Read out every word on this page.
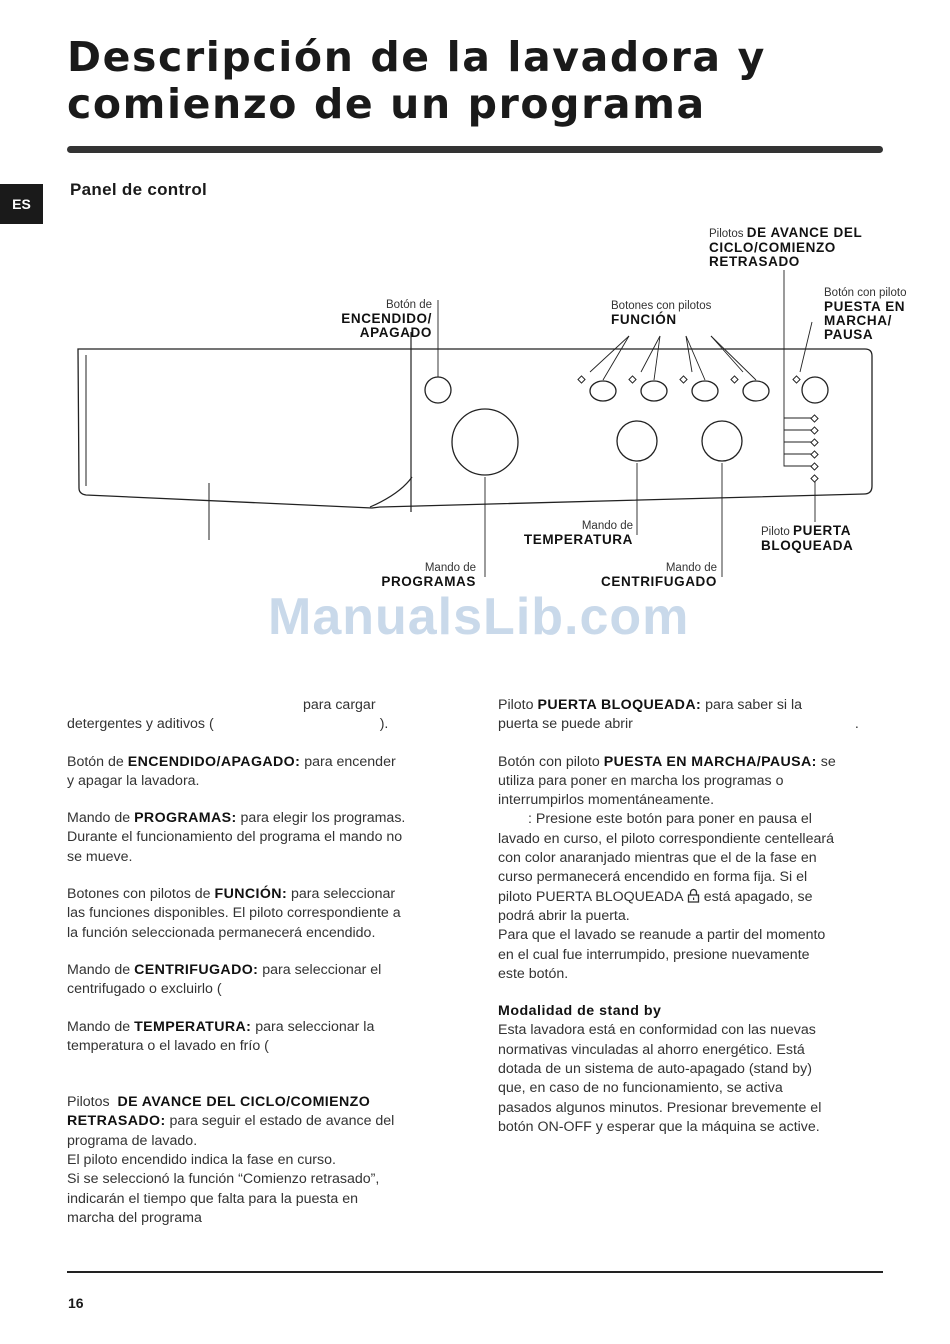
Descripción de la lavadora y
comienzo de un programa
ES
Panel de control
Pilotos DE AVANCE DEL
CICLO/COMIENZO
RETRASADO
Botón de
ENCENDIDO/
APAGADO
Botones con pilotos
FUNCIÓN
Botón con piloto
PUESTA EN
MARCHA/
PAUSA
Mando de
TEMPERATURA	Piloto PUERTA
BLOQUEADA
Mando de
PROGRAMAS
Mando de
CENTRIFUGADO
ManualsLib.com

para cargar
detergentes y aditivos (	).

Botón de ENCENDIDO/APAGADO: para encender
y apagar la lavadora.

Mando de PROGRAMAS: para elegir los programas.
Durante el funcionamiento del programa el mando no
se mueve.

Botones con pilotos de FUNCIÓN: para seleccionar
las funciones disponibles. El piloto correspondiente a
la función seleccionada permanecerá encendido.

Mando de CENTRIFUGADO: para seleccionar el
centrifugado o excluirlo (

Mando de TEMPERATURA: para seleccionar la
temperatura o el lavado en frío (

Pilotos DE AVANCE DEL CICLO/COMIENZO
RETRASADO: para seguir el estado de avance del
programa de lavado.
El piloto encendido indica la fase en curso.
Si se seleccionó la función “Comienzo retrasado”,
indicarán el tiempo que falta para la puesta en
marcha del programa

Piloto PUERTA BLOQUEADA: para saber si la
puerta se puede abrir	.

Botón con piloto PUESTA EN MARCHA/PAUSA: se
utiliza para poner en marcha los programas o
interrumpirlos momentáneamente.
: Presione este botón para poner en pausa el
lavado en curso, el piloto correspondiente centelleará
con color anaranjado mientras que el de la fase en
curso permanecerá encendido en forma fija. Si el
piloto PUERTA BLOQUEADA está apagado, se
podrá abrir la puerta.
Para que el lavado se reanude a partir del momento
en el cual fue interrumpido, presione nuevamente
este botón.

Modalidad de stand by
Esta lavadora está en conformidad con las nuevas
normativas vinculadas al ahorro energético. Está
dotada de un sistema de auto-apagado (stand by)
que, en caso de no funcionamiento, se activa
pasados algunos minutos. Presionar brevemente el
botón ON-OFF y esperar que la máquina se active.

16
